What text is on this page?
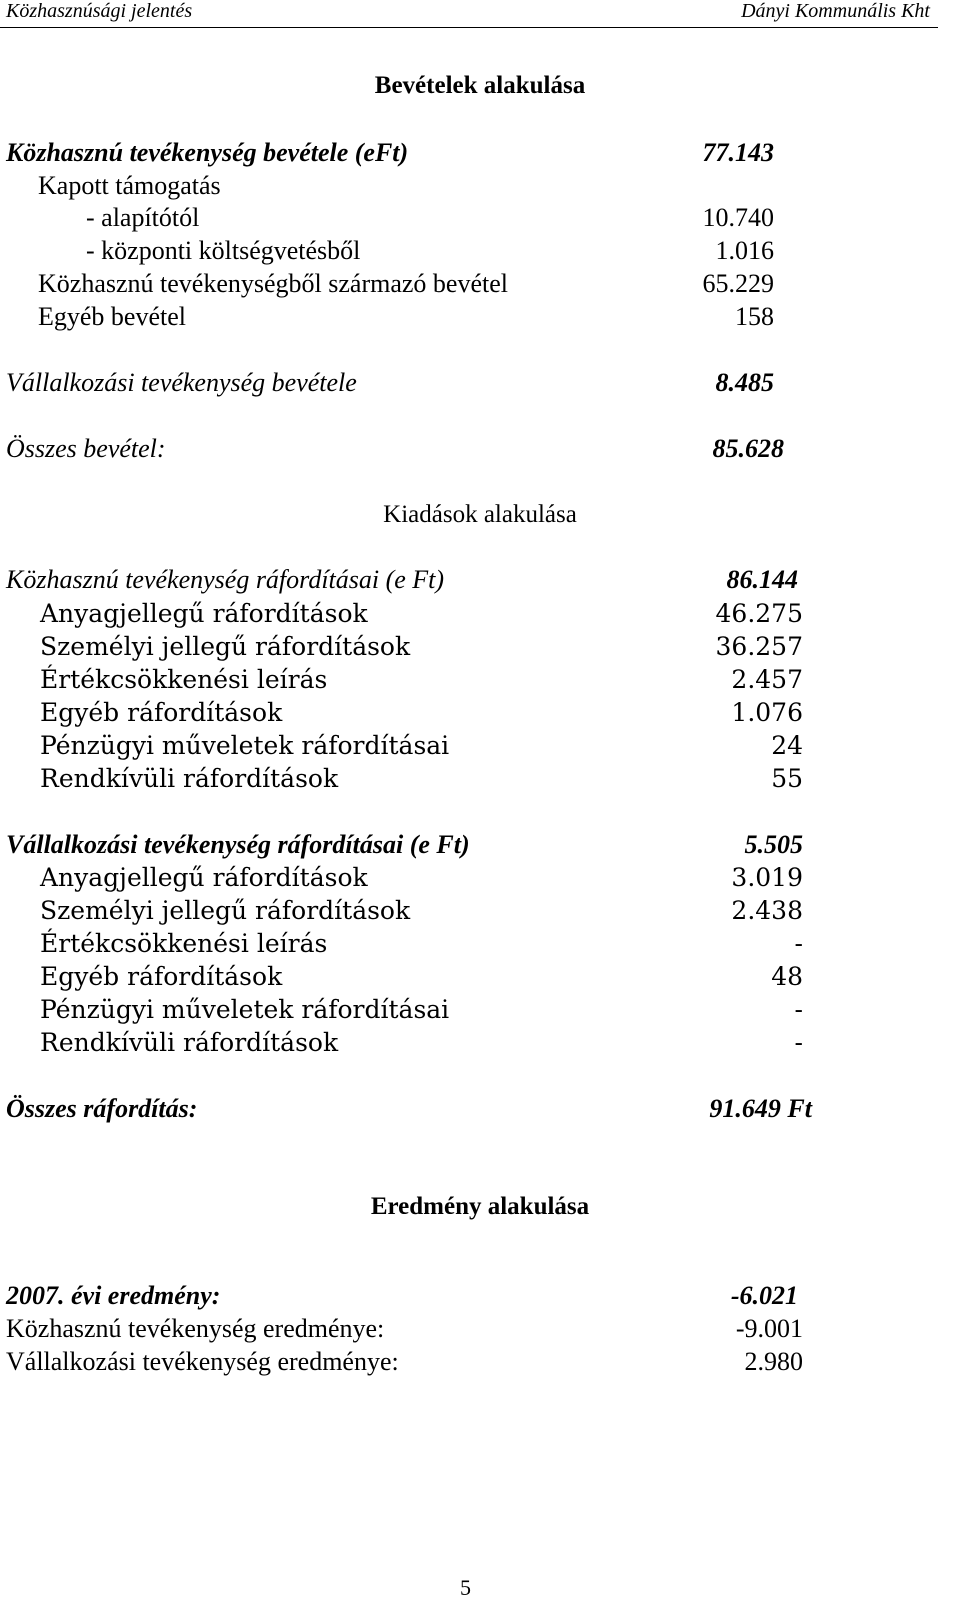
Közhasznúsági jelentés	Dányi Kommunális Kht
Bevételek alakulása
Közhasznú tevékenység bevétele (eFt)	77.143
Kapott támogatás
- alapítótól	10.740
- központi költségvetésből	1.016
Közhasznú tevékenységből származó bevétel	65.229
Egyéb bevétel	158
Vállalkozási tevékenység bevétele	8.485
Összes bevétel:	85.628
Kiadások alakulása
Közhasznú tevékenység ráfordításai (e Ft)	86.144
Anyagjellegű ráfordítások	46.275
Személyi jellegű ráfordítások	36.257
Értékcsökkenési leírás	2.457
Egyéb ráfordítások	1.076
Pénzügyi műveletek ráfordításai	24
Rendkívüli ráfordítások	55
Vállalkozási tevékenység ráfordításai (e Ft)	5.505
Anyagjellegű ráfordítások	3.019
Személyi jellegű ráfordítások	2.438
Értékcsökkenési leírás	-
Egyéb ráfordítások	48
Pénzügyi műveletek ráfordításai	-
Rendkívüli ráfordítások	-
Összes ráfordítás:	91.649 Ft
Eredmény alakulása
2007. évi eredmény:	-6.021
Közhasznú tevékenység eredménye:	-9.001
Vállalkozási tevékenység eredménye:	2.980
5
